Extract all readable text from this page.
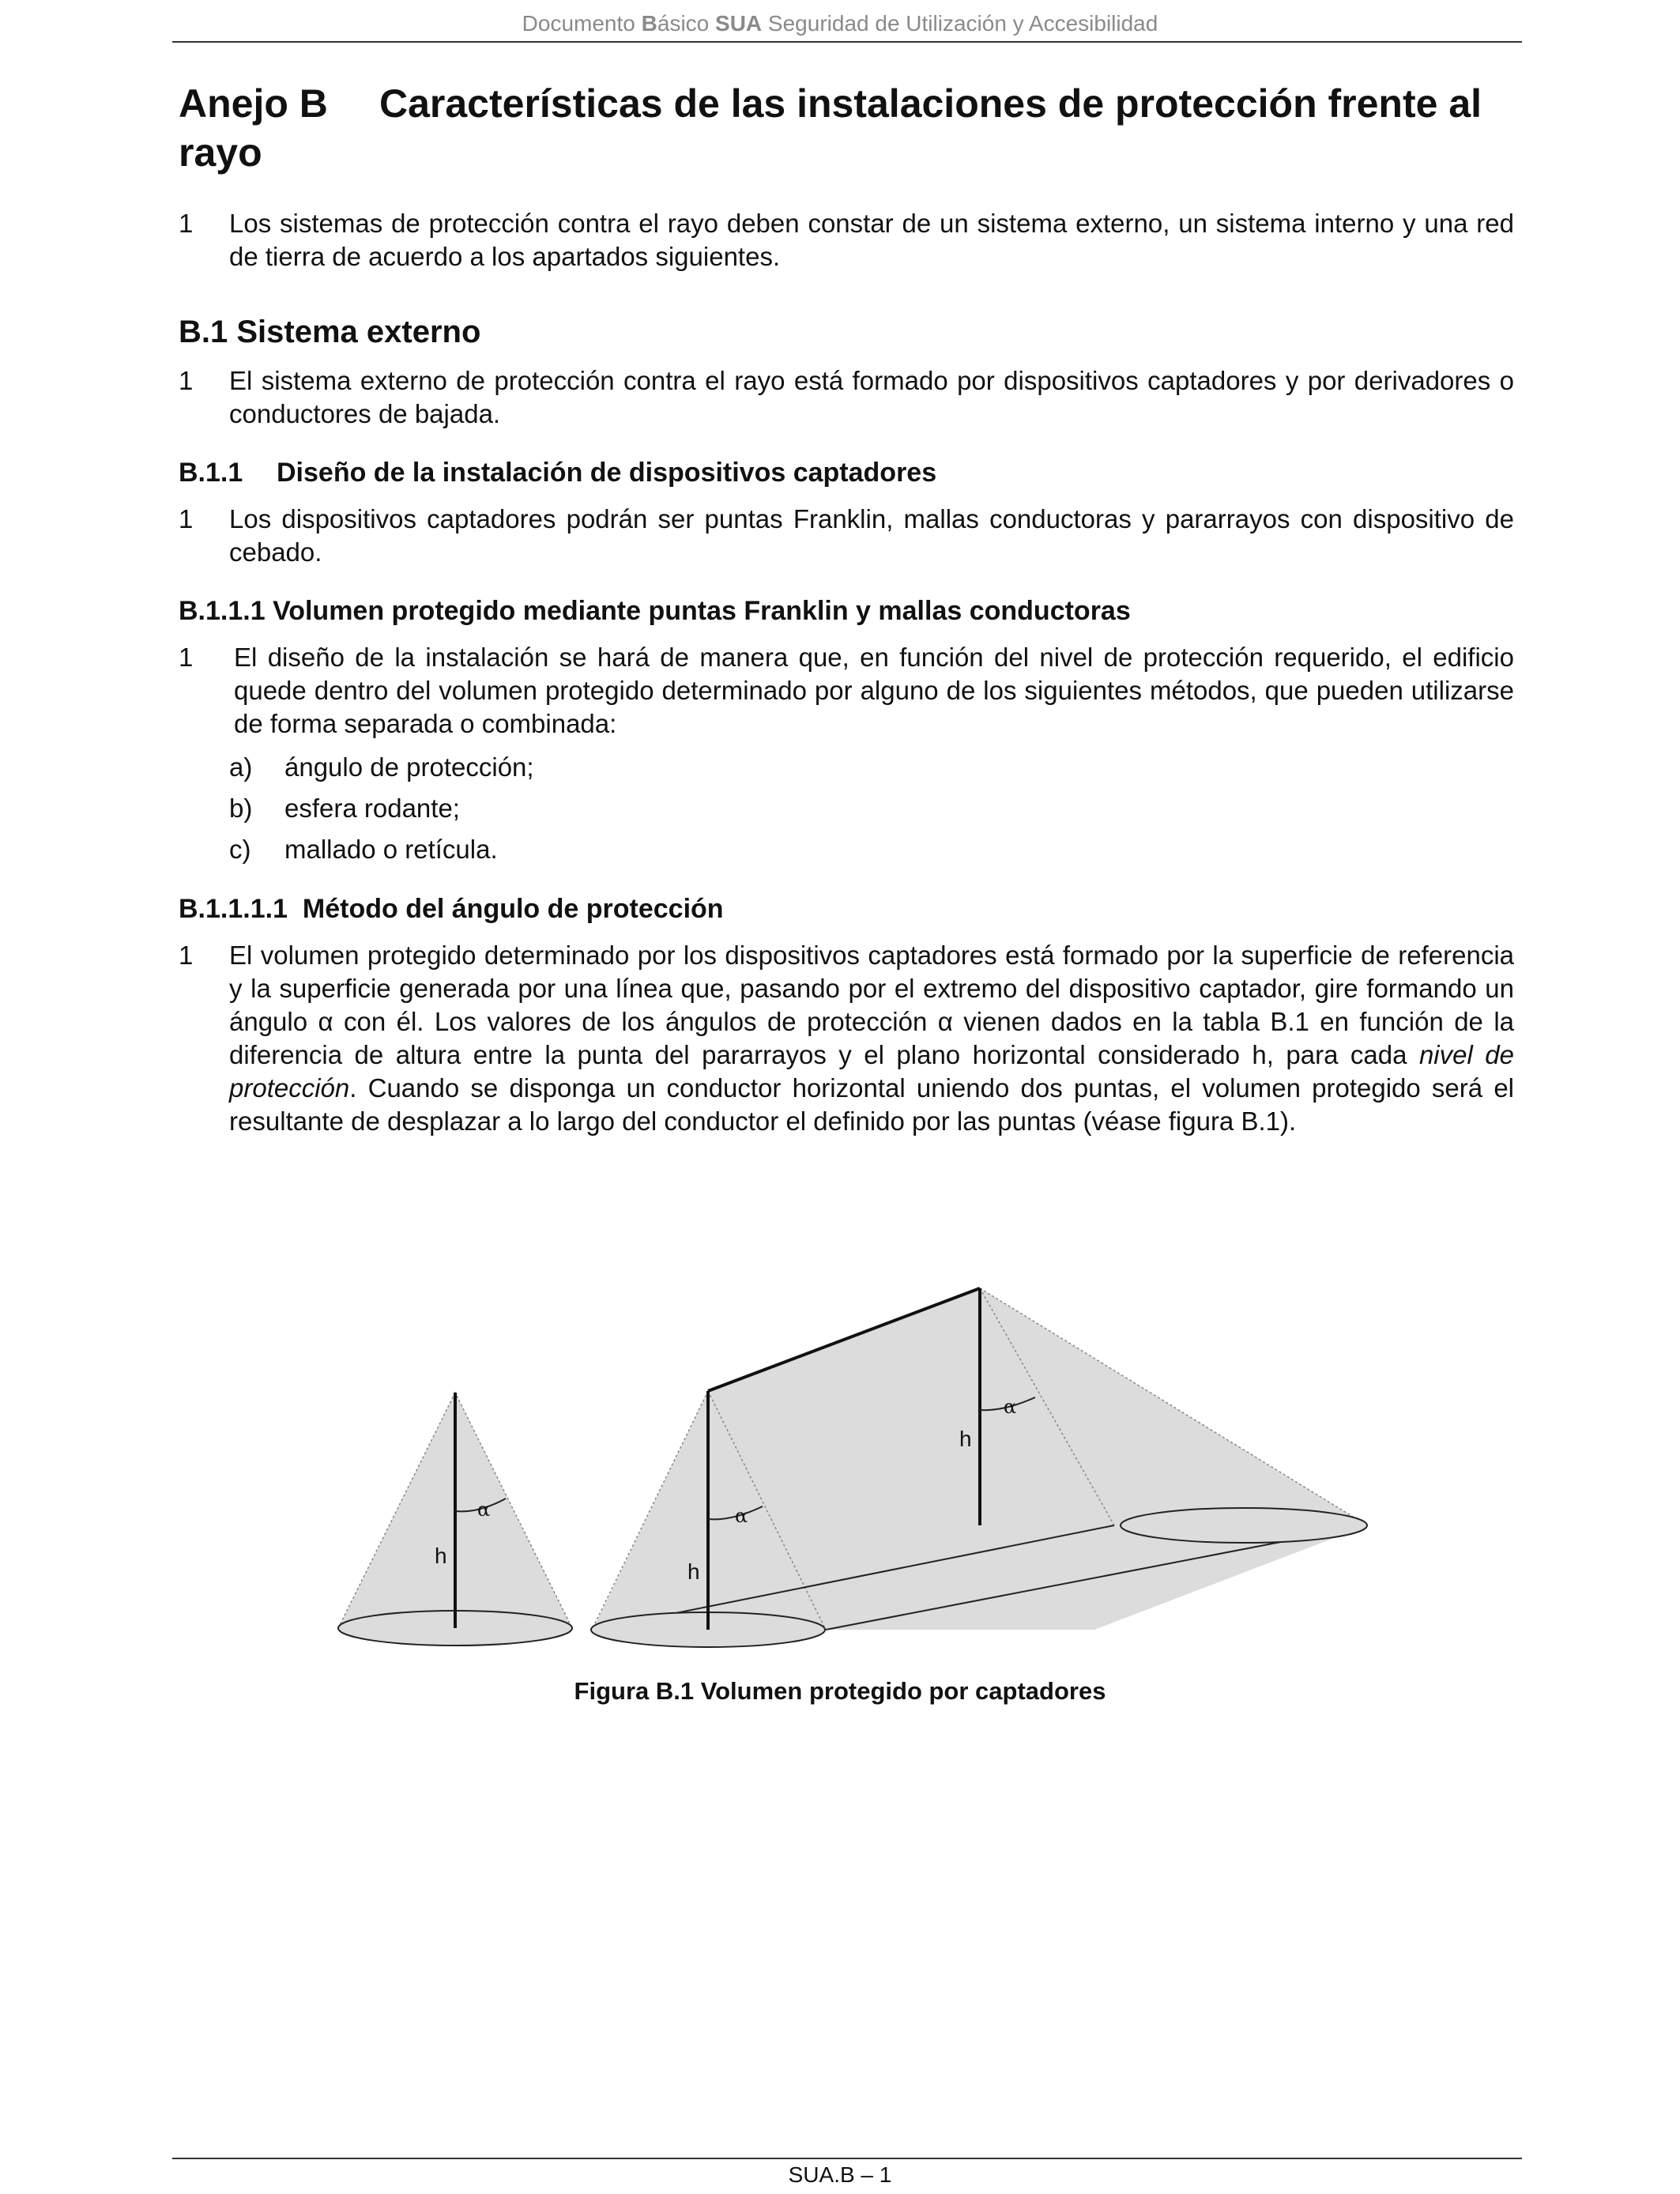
Documento Básico SUA Seguridad de Utilización y Accesibilidad
Anejo B Características de las instalaciones de protección frente al rayo

1 Los sistemas de protección contra el rayo deben constar de un sistema externo, un sistema interno y una red de tierra de acuerdo a los apartados siguientes.

B.1 Sistema externo

1 El sistema externo de protección contra el rayo está formado por dispositivos captadores y por derivadores o conductores de bajada.

B.1.1 Diseño de la instalación de dispositivos captadores

1 Los dispositivos captadores podrán ser puntas Franklin, mallas conductoras y pararrayos con dispositivo de cebado.

B.1.1.1 Volumen protegido mediante puntas Franklin y mallas conductoras

1 El diseño de la instalación se hará de manera que, en función del nivel de protección requerido, el edificio quede dentro del volumen protegido determinado por alguno de los siguientes métodos, que pueden utilizarse de forma separada o combinada:

a) ángulo de protección;
b) esfera rodante;
c) mallado o retícula.
B.1.1.1.1 Método del ángulo de protección

1 El volumen protegido determinado por los dispositivos captadores está formado por la superficie de referencia y la superficie generada por una línea que, pasando por el extremo del dispositivo captador, gire formando un ángulo α con él. Los valores de los ángulos de protección α vienen dados en la tabla B.1 en función de la diferencia de altura entre la punta del pararrayos y el plano horizontal considerado h, para cada nivel de protección. Cuando se disponga un conductor horizontal uniendo dos puntas, el volumen protegido será el resultante de desplazar a lo largo del conductor el definido por las puntas (véase figura B.1).

α
h
α
α
h
h
Figura B.1 Volumen protegido por captadores
SUA.B – 1
